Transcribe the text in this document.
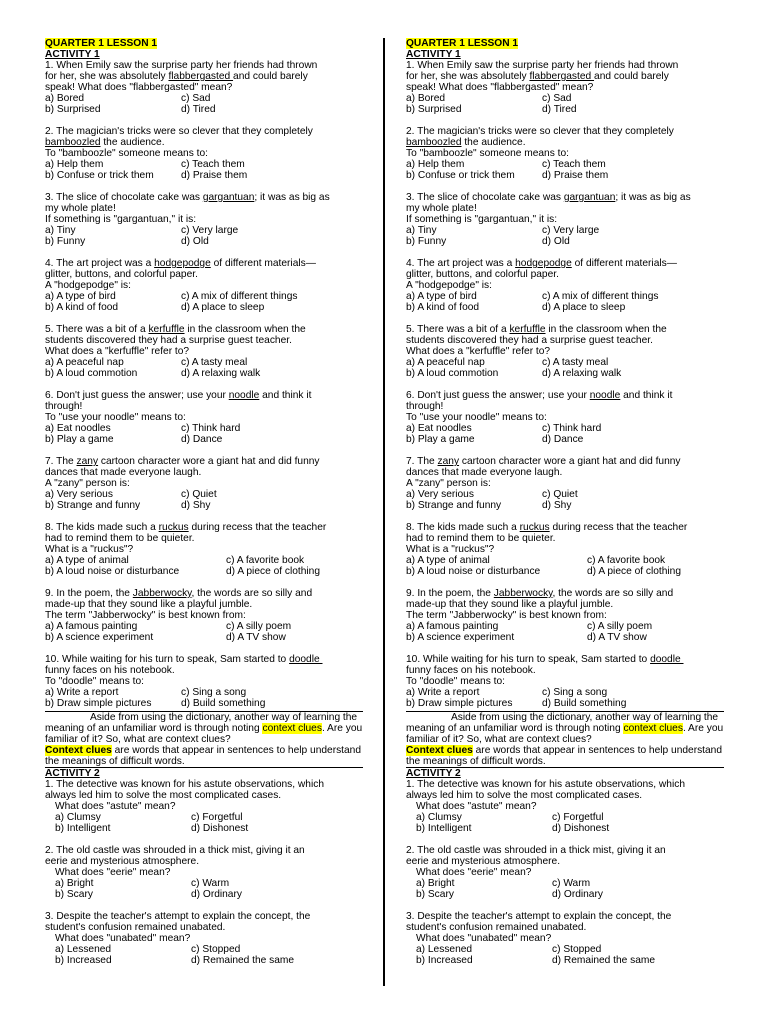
QUARTER 1 LESSON 1
ACTIVITY 1
1. When Emily saw the surprise party her friends had thrown
for her, she was absolutely flabbergasted and could barely
speak! What does "flabbergasted" mean?
a) Bored	c) Sad
b) Surprised	d) Tired
2. The magician's tricks were so clever that they completely
bamboozled the audience.
To "bamboozle" someone means to:
a) Help them	c) Teach them
b) Confuse or trick them	d) Praise them
3. The slice of chocolate cake was gargantuan; it was as big as
my whole plate!
If something is "gargantuan," it is:
a) Tiny	c) Very large
b) Funny	d) Old
4. The art project was a hodgepodge of different materials—
glitter, buttons, and colorful paper.
A "hodgepodge" is:
a) A type of bird	c) A mix of different things
b) A kind of food	d) A place to sleep
5. There was a bit of a kerfuffle in the classroom when the
students discovered they had a surprise guest teacher.
What does a "kerfuffle" refer to?
a) A peaceful nap	c) A tasty meal
b) A loud commotion	d) A relaxing walk
6. Don't just guess the answer; use your noodle and think it
through!
To "use your noodle" means to:
a) Eat noodles	c) Think hard
b) Play a game	d) Dance
7. The zany cartoon character wore a giant hat and did funny
dances that made everyone laugh.
A "zany" person is:
a) Very serious	c) Quiet
b) Strange and funny	d) Shy
8. The kids made such a ruckus during recess that the teacher
had to remind them to be quieter.
What is a "ruckus"?
a) A type of animal	c) A favorite book
b) A loud noise or disturbance	d) A piece of clothing
9. In the poem, the Jabberwocky, the words are so silly and
made-up that they sound like a playful jumble.
The term "Jabberwocky" is best known from:
a) A famous painting	c) A silly poem
b) A science experiment	d) A TV show
10. While waiting for his turn to speak, Sam started to doodle
funny faces on his notebook.
To "doodle" means to:
a) Write a report	c) Sing a song
b) Draw simple pictures	d) Build something
Aside from using the dictionary, another way of learning the meaning of an unfamiliar word is through noting context clues. Are you familiar of it? So, what are context clues?
Context clues are words that appear in sentences to help understand the meanings of difficult words.
ACTIVITY 2
1. The detective was known for his astute observations, which
always led him to solve the most complicated cases.
What does "astute" mean?
a) Clumsy	c) Forgetful
b) Intelligent	d) Dishonest
2. The old castle was shrouded in a thick mist, giving it an
eerie and mysterious atmosphere.
What does "eerie" mean?
a) Bright	c) Warm
b) Scary	d) Ordinary
3. Despite the teacher's attempt to explain the concept, the
student's confusion remained unabated.
What does "unabated" mean?
a) Lessened	c) Stopped
b) Increased	d) Remained the same
QUARTER 1 LESSON 1
ACTIVITY 1
1. When Emily saw the surprise party her friends had thrown
for her, she was absolutely flabbergasted and could barely
speak! What does "flabbergasted" mean?
a) Bored	c) Sad
b) Surprised	d) Tired
2. The magician's tricks were so clever that they completely
bamboozled the audience.
To "bamboozle" someone means to:
a) Help them	c) Teach them
b) Confuse or trick them	d) Praise them
3. The slice of chocolate cake was gargantuan; it was as big as
my whole plate!
If something is "gargantuan," it is:
a) Tiny	c) Very large
b) Funny	d) Old
4. The art project was a hodgepodge of different materials—
glitter, buttons, and colorful paper.
A "hodgepodge" is:
a) A type of bird	c) A mix of different things
b) A kind of food	d) A place to sleep
5. There was a bit of a kerfuffle in the classroom when the
students discovered they had a surprise guest teacher.
What does a "kerfuffle" refer to?
a) A peaceful nap	c) A tasty meal
b) A loud commotion	d) A relaxing walk
6. Don't just guess the answer; use your noodle and think it
through!
To "use your noodle" means to:
a) Eat noodles	c) Think hard
b) Play a game	d) Dance
7. The zany cartoon character wore a giant hat and did funny
dances that made everyone laugh.
A "zany" person is:
a) Very serious	c) Quiet
b) Strange and funny	d) Shy
8. The kids made such a ruckus during recess that the teacher
had to remind them to be quieter.
What is a "ruckus"?
a) A type of animal	c) A favorite book
b) A loud noise or disturbance	d) A piece of clothing
9. In the poem, the Jabberwocky, the words are so silly and
made-up that they sound like a playful jumble.
The term "Jabberwocky" is best known from:
a) A famous painting	c) A silly poem
b) A science experiment	d) A TV show
10. While waiting for his turn to speak, Sam started to doodle
funny faces on his notebook.
To "doodle" means to:
a) Write a report	c) Sing a song
b) Draw simple pictures	d) Build something
Aside from using the dictionary, another way of learning the meaning of an unfamiliar word is through noting context clues. Are you familiar of it? So, what are context clues?
Context clues are words that appear in sentences to help understand the meanings of difficult words.
ACTIVITY 2
1. The detective was known for his astute observations, which
always led him to solve the most complicated cases.
What does "astute" mean?
a) Clumsy	c) Forgetful
b) Intelligent	d) Dishonest
2. The old castle was shrouded in a thick mist, giving it an
eerie and mysterious atmosphere.
What does "eerie" mean?
a) Bright	c) Warm
b) Scary	d) Ordinary
3. Despite the teacher's attempt to explain the concept, the
student's confusion remained unabated.
What does "unabated" mean?
a) Lessened	c) Stopped
b) Increased	d) Remained the same
